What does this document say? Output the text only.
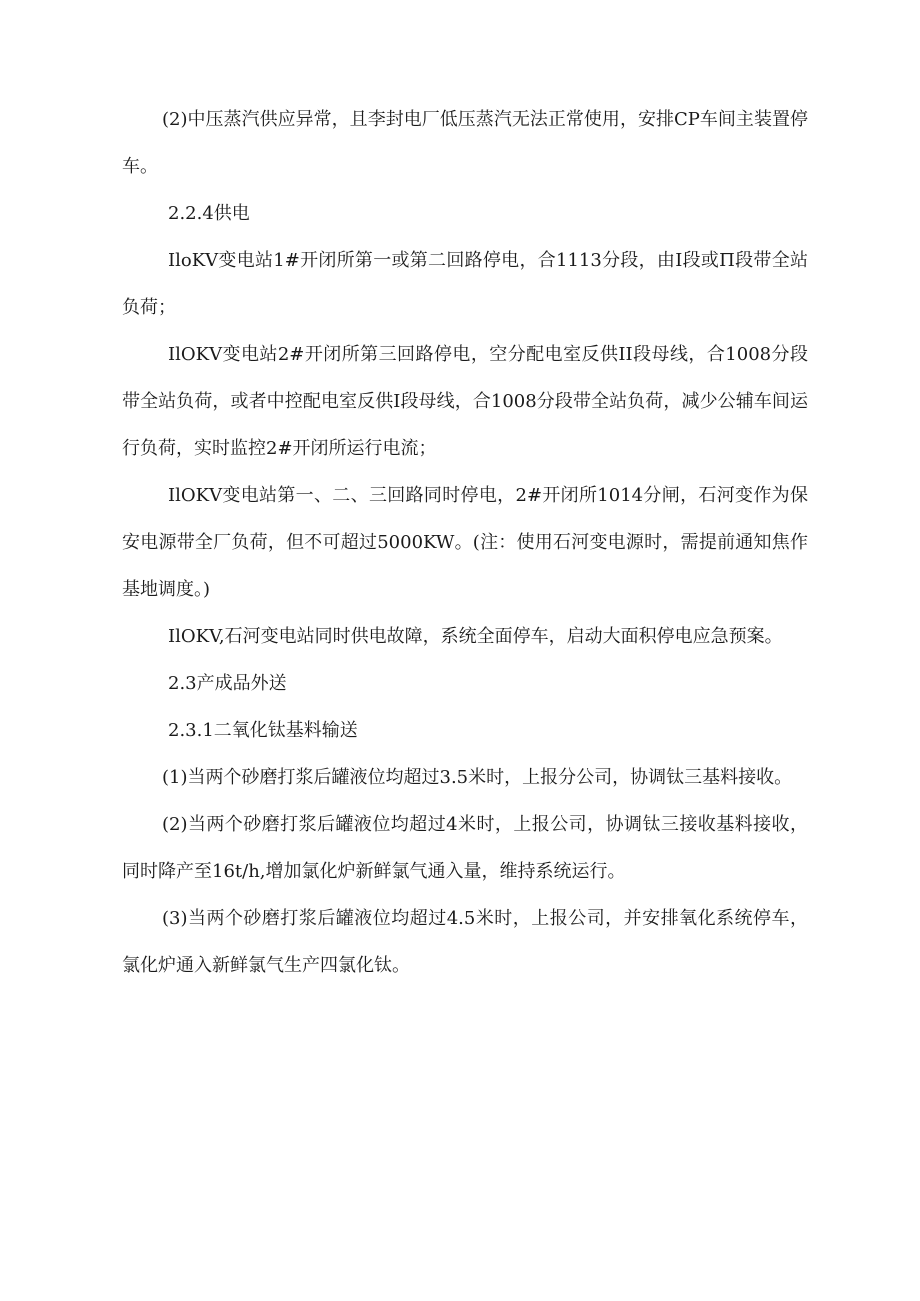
(2)中压蒸汽供应异常，且李封电厂低压蒸汽无法正常使用，安排CP车间主装置停车。

2.2.4供电

IloKV变电站1#开闭所第一或第二回路停电，合1113分段，由I段或Π段带全站负荷；

IlOKV变电站2#开闭所第三回路停电，空分配电室反供II段母线，合1008分段带全站负荷，或者中控配电室反供I段母线，合1008分段带全站负荷，减少公辅车间运行负荷，实时监控2#开闭所运行电流；

IlOKV变电站第一、二、三回路同时停电，2#开闭所1014分闸，石河变作为保安电源带全厂负荷，但不可超过5000KW。(注：使用石河变电源时，需提前通知焦作基地调度。)

IlOKV,石河变电站同时供电故障，系统全面停车，启动大面积停电应急预案。

2.3产成品外送

2.3.1二氧化钛基料输送

(1)当两个砂磨打浆后罐液位均超过3.5米时，上报分公司，协调钛三基料接收。

(2)当两个砂磨打浆后罐液位均超过4米时，上报公司，协调钛三接收基料接收，同时降产至16t/h,增加氯化炉新鲜氯气通入量，维持系统运行。

(3)当两个砂磨打浆后罐液位均超过4.5米时，上报公司，并安排氧化系统停车，氯化炉通入新鲜氯气生产四氯化钛。
